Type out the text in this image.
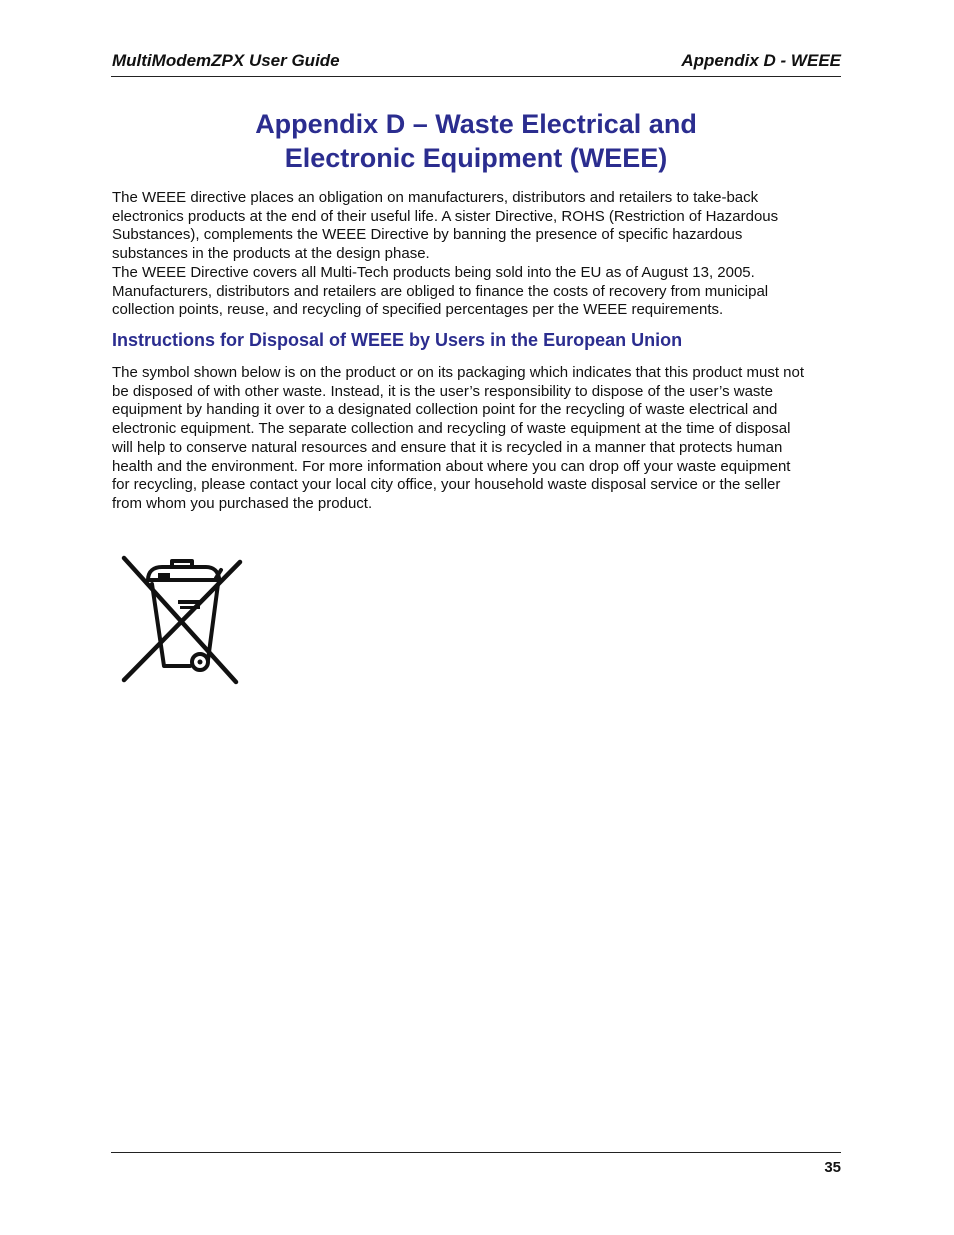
MultiModemZPX User Guide	Appendix D - WEEE
Appendix D – Waste Electrical and
Electronic Equipment (WEEE)
The WEEE directive places an obligation on manufacturers, distributors and retailers to take-back
electronics products at the end of their useful life. A sister Directive, ROHS (Restriction of Hazardous
Substances), complements the WEEE Directive by banning the presence of specific hazardous
substances in the products at the design phase.
The WEEE Directive covers all Multi-Tech products being sold into the EU as of August 13, 2005.
Manufacturers, distributors and retailers are obliged to finance the costs of recovery from municipal
collection points, reuse, and recycling of specified percentages per the WEEE requirements.
Instructions for Disposal of WEEE by Users in the European Union
The symbol shown below is on the product or on its packaging which indicates that this product must not
be disposed of with other waste. Instead, it is the user’s responsibility to dispose of the user’s waste
equipment by handing it over to a designated collection point for the recycling of waste electrical and
electronic equipment. The separate collection and recycling of waste equipment at the time of disposal
will help to conserve natural resources and ensure that it is recycled in a manner that protects human
health and the environment. For more information about where you can drop off your waste equipment
for recycling, please contact your local city office, your household waste disposal service or the seller
from whom you purchased the product.
35
